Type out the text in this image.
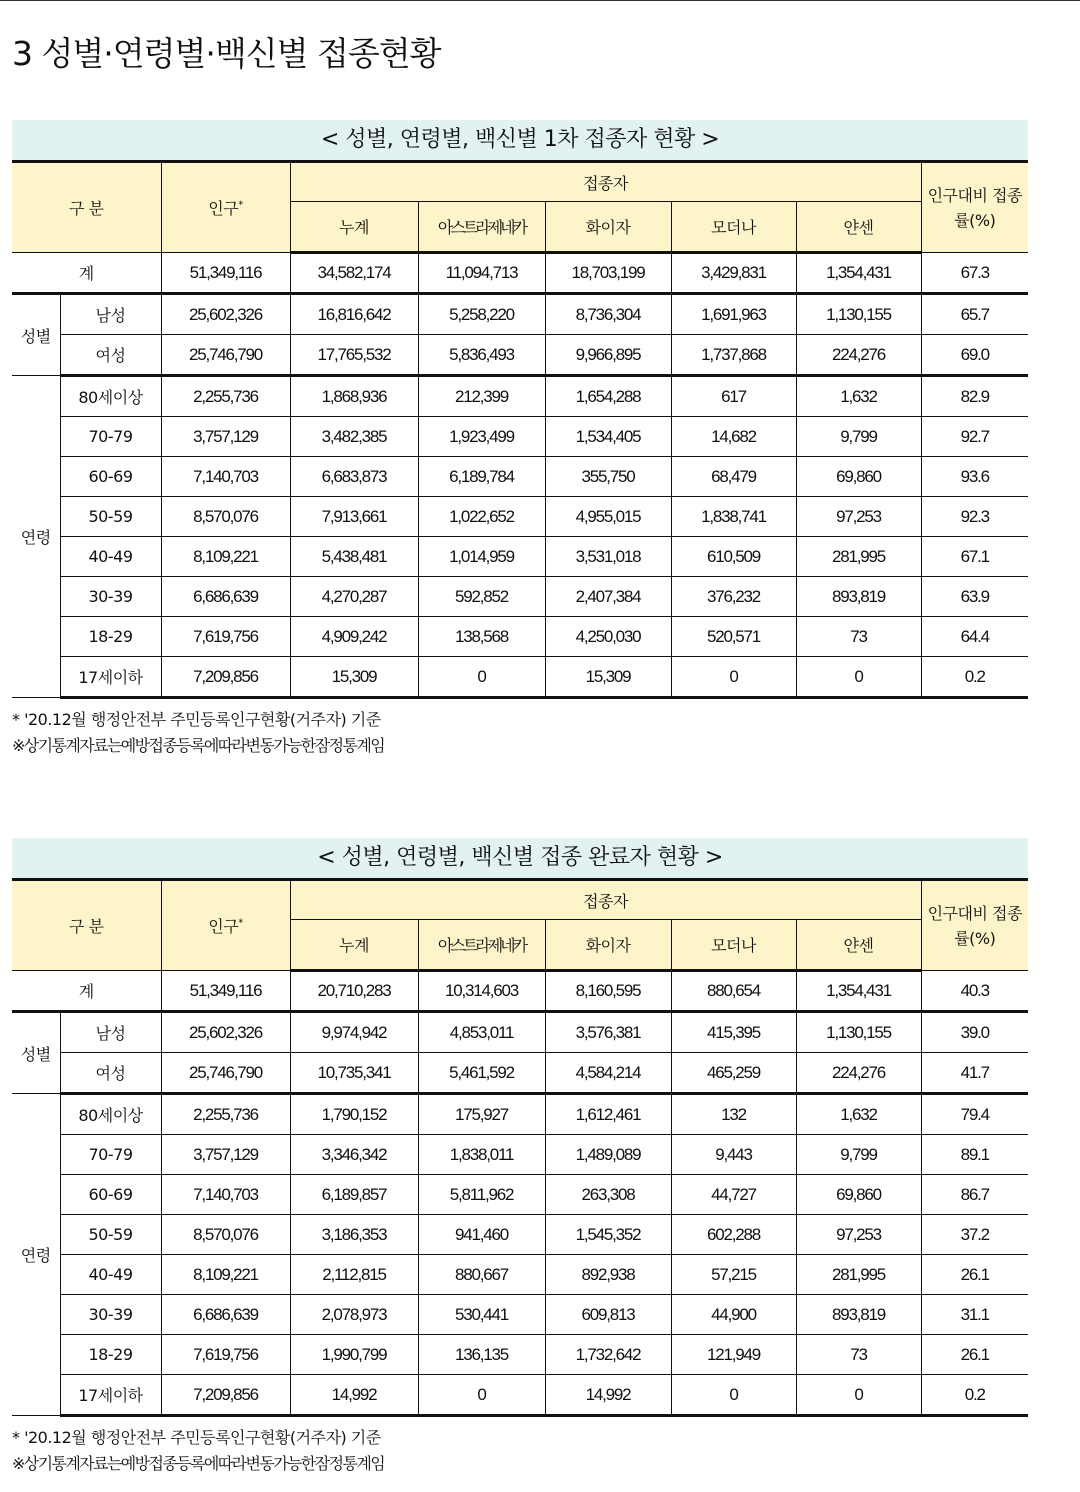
3 성별·연령별·백신별 접종현황
< 성별, 연령별, 백신별 1차 접종자 현황 >
구 분		인구*	접종자					인구대비 접종률(%)
			누계	아스트라제네카	화이자	모더나	얀센	
계		51,349,116	34,582,174	11,094,713	18,703,199	3,429,831	1,354,431	67.3
성별	남성	25,602,326	16,816,642	5,258,220	8,736,304	1,691,963	1,130,155	65.7
	여성	25,746,790	17,765,532	5,836,493	9,966,895	1,737,868	224,276	69.0
연령	80세이상	2,255,736	1,868,936	212,399	1,654,288	617	1,632	82.9
	70-79	3,757,129	3,482,385	1,923,499	1,534,405	14,682	9,799	92.7
	60-69	7,140,703	6,683,873	6,189,784	355,750	68,479	69,860	93.6
	50-59	8,570,076	7,913,661	1,022,652	4,955,015	1,838,741	97,253	92.3
	40-49	8,109,221	5,438,481	1,014,959	3,531,018	610,509	281,995	67.1
	30-39	6,686,639	4,270,287	592,852	2,407,384	376,232	893,819	63.9
	18-29	7,619,756	4,909,242	138,568	4,250,030	520,571	73	64.4
	17세이하	7,209,856	15,309	0	15,309	0	0	0.2
* '20.12월 행정안전부 주민등록인구현황(거주자) 기준
※상기통계자료는예방접종등록에따라변동가능한잠정통계임
< 성별, 연령별, 백신별 접종 완료자 현황 >
구 분		인구*	접종자					인구대비 접종률(%)
			누계	아스트라제네카	화이자	모더나	얀센	
계		51,349,116	20,710,283	10,314,603	8,160,595	880,654	1,354,431	40.3
성별	남성	25,602,326	9,974,942	4,853,011	3,576,381	415,395	1,130,155	39.0
	여성	25,746,790	10,735,341	5,461,592	4,584,214	465,259	224,276	41.7
연령	80세이상	2,255,736	1,790,152	175,927	1,612,461	132	1,632	79.4
	70-79	3,757,129	3,346,342	1,838,011	1,489,089	9,443	9,799	89.1
	60-69	7,140,703	6,189,857	5,811,962	263,308	44,727	69,860	86.7
	50-59	8,570,076	3,186,353	941,460	1,545,352	602,288	97,253	37.2
	40-49	8,109,221	2,112,815	880,667	892,938	57,215	281,995	26.1
	30-39	6,686,639	2,078,973	530,441	609,813	44,900	893,819	31.1
	18-29	7,619,756	1,990,799	136,135	1,732,642	121,949	73	26.1
	17세이하	7,209,856	14,992	0	14,992	0	0	0.2
* '20.12월 행정안전부 주민등록인구현황(거주자) 기준
※상기통계자료는예방접종등록에따라변동가능한잠정통계임
